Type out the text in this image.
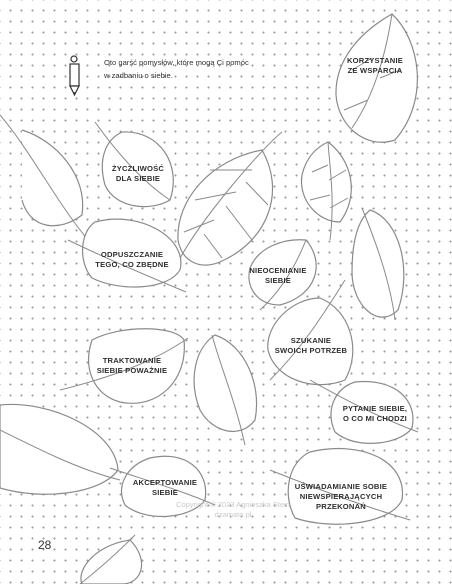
Oto garść pomysłów, które mogą Ci pomóc
w zadbaniu o siebie.
KORZYSTANIE
ZE WSPARCIA
ŻYCZLIWOŚĆ
DLA SIEBIE
ODPUSZCZANIE
TEGO, CO ZBĘDNE
NIEOCENIANIE
SIEBIE
SZUKANIE
SWOICH POTRZEB
TRAKTOWANIE
SIEBIE POWAŻNIE
PYTANIE SIEBIE,
O CO MI CHODZI
AKCEPTOWANIE
SIEBIE
UŚWIADAMIANIE SOBIE
NIEWSPIERAJĄCYCH
PRZEKONAŃ
Copyright © 2023 Agnieszka Stein
dzamato.pl
28
